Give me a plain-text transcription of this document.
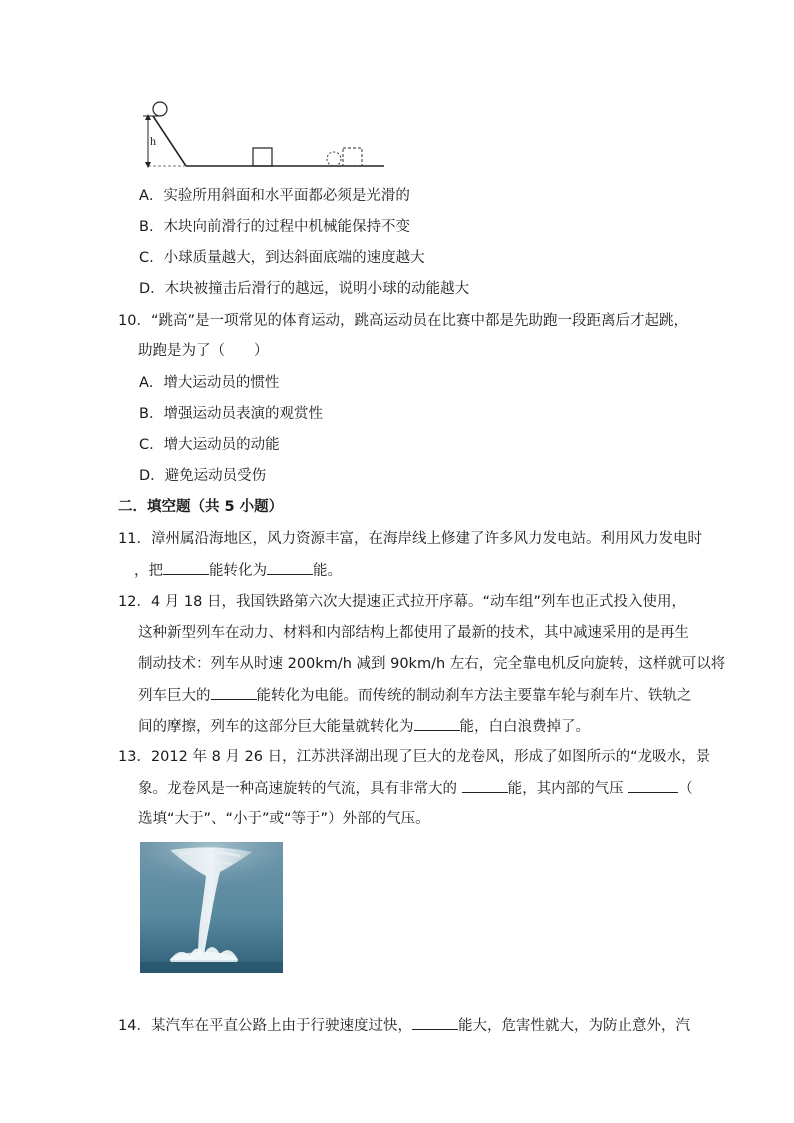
h
A．实验所用斜面和水平面都必须是光滑的
B．木块向前滑行的过程中机械能保持不变
C．小球质量越大，到达斜面底端的速度越大
D．木块被撞击后滑行的越远，说明小球的动能越大
10．“跳高”是一项常见的体育运动，跳高运动员在比赛中都是先助跑一段距离后才起跳，
助跑是为了（　　）
A．增大运动员的惯性
B．增强运动员表演的观赏性
C．增大运动员的动能
D．避免运动员受伤
二．填空题（共 5 小题）
11．漳州属沿海地区，风力资源丰富，在海岸线上修建了许多风力发电站。利用风力发电时
，把	能转化为	能。
12．4 月 18 日，我国铁路第六次大提速正式拉开序幕。“动车组”列车也正式投入使用，
这种新型列车在动力、材料和内部结构上都使用了最新的技术，其中减速采用的是再生
制动技术：列车从时速 200km/h 减到 90km/h 左右，完全靠电机反向旋转，这样就可以将
列车巨大的	能转化为电能。而传统的制动刹车方法主要靠车轮与刹车片、铁轨之
间的摩擦，列车的这部分巨大能量就转化为	能，白白浪费掉了。
13．2012 年 8 月 26 日，江苏洪泽湖出现了巨大的龙卷风，形成了如图所示的“龙吸水，景
象。龙卷风是一种高速旋转的气流，具有非常大的	能，其内部的气压	（
选填“大于”、“小于”或“等于”）外部的气压。
14．某汽车在平直公路上由于行驶速度过快，	能大，危害性就大，为防止意外，汽
